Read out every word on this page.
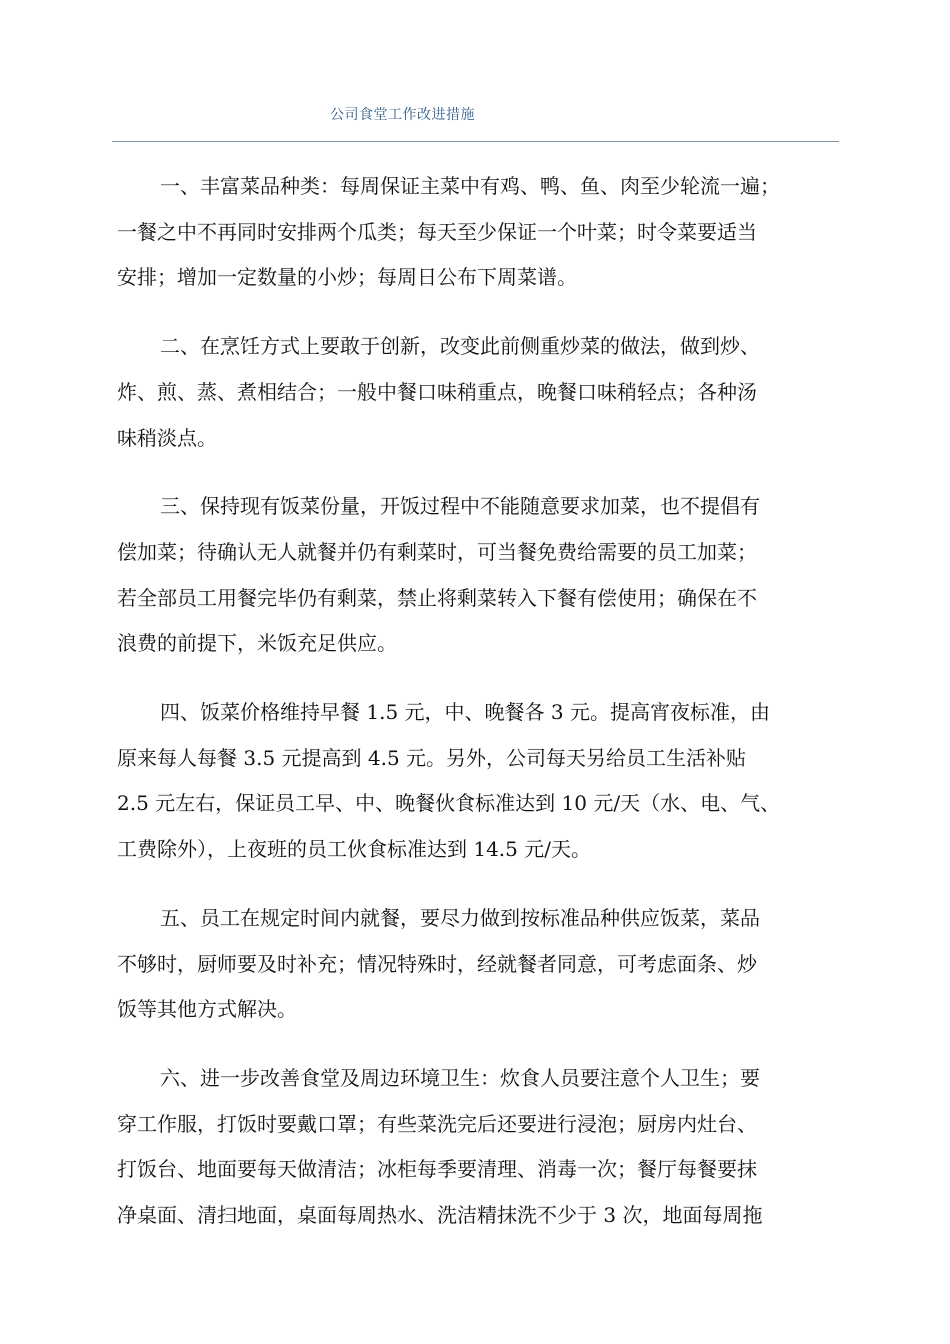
公司食堂工作改进措施

一、丰富菜品种类：每周保证主菜中有鸡、鸭、鱼、肉至少轮流一遍；
一餐之中不再同时安排两个瓜类；每天至少保证一个叶菜；时令菜要适当
安排；增加一定数量的小炒；每周日公布下周菜谱。

二、在烹饪方式上要敢于创新，改变此前侧重炒菜的做法，做到炒、
炸、煎、蒸、煮相结合；一般中餐口味稍重点，晚餐口味稍轻点；各种汤
味稍淡点。

三、保持现有饭菜份量，开饭过程中不能随意要求加菜，也不提倡有
偿加菜；待确认无人就餐并仍有剩菜时，可当餐免费给需要的员工加菜；
若全部员工用餐完毕仍有剩菜，禁止将剩菜转入下餐有偿使用；确保在不
浪费的前提下，米饭充足供应。

四、饭菜价格维持早餐 1.5 元，中、晚餐各 3 元。提高宵夜标准，由
原来每人每餐 3.5 元提高到 4.5 元。另外，公司每天另给员工生活补贴
2.5 元左右，保证员工早、中、晚餐伙食标准达到 10 元/天（水、电、气、
工费除外），上夜班的员工伙食标准达到 14.5 元/天。

五、员工在规定时间内就餐，要尽力做到按标准品种供应饭菜，菜品
不够时，厨师要及时补充；情况特殊时，经就餐者同意，可考虑面条、炒
饭等其他方式解决。

六、进一步改善食堂及周边环境卫生：炊食人员要注意个人卫生；要
穿工作服，打饭时要戴口罩；有些菜洗完后还要进行浸泡；厨房内灶台、
打饭台、地面要每天做清洁；冰柜每季要清理、消毒一次；餐厅每餐要抹
净桌面、清扫地面，桌面每周热水、洗洁精抹洗不少于 3 次，地面每周拖
